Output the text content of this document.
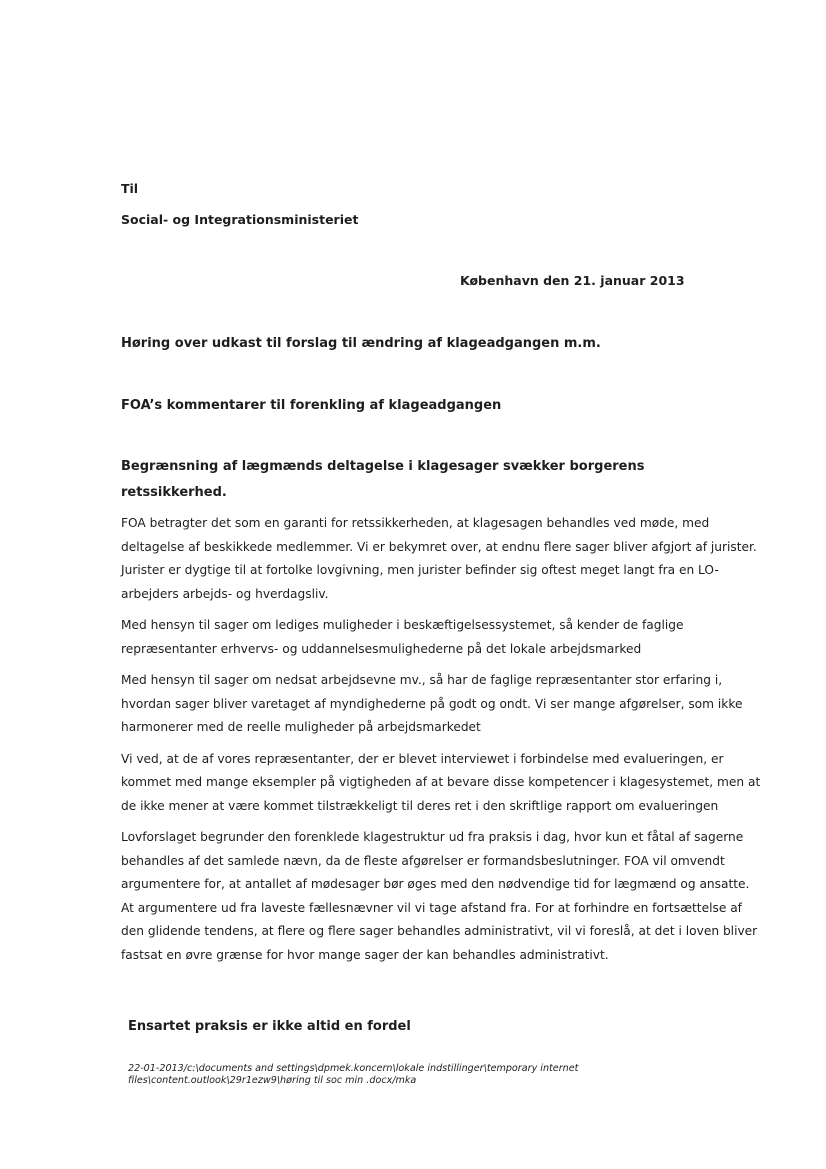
Til
Social- og Integrationsministeriet
København den 21. januar 2013
Høring over udkast til forslag til ændring af klageadgangen m.m.
FOA’s kommentarer til forenkling af klageadgangen
Begrænsning af lægmænds deltagelse i klagesager svækker borgerens
retssikkerhed.

FOA betragter det som en garanti for retssikkerheden, at klagesagen behandles ved møde, med deltagelse af beskikkede medlemmer. Vi er bekymret over, at endnu flere sager bliver afgjort af jurister. Jurister er dygtige til at fortolke lovgivning, men jurister befinder sig oftest meget langt fra en LO-arbejders arbejds- og hverdagsliv.

Med hensyn til sager om lediges muligheder i beskæftigelsessystemet, så kender de faglige repræsentanter erhvervs- og uddannelsesmulighederne på det lokale arbejdsmarked

Med hensyn til sager om nedsat arbejdsevne mv., så har de faglige repræsentanter stor erfaring i, hvordan sager bliver varetaget af myndighederne på godt og ondt. Vi ser mange afgørelser, som ikke harmonerer med de reelle muligheder på arbejdsmarkedet

Vi ved, at de af vores repræsentanter, der er blevet interviewet i forbindelse med evalueringen, er kommet med mange eksempler på vigtigheden af at bevare disse kompetencer i klagesystemet, men at de ikke mener at være kommet tilstrækkeligt til deres ret i den skriftlige rapport om evalueringen

Lovforslaget begrunder den forenklede klagestruktur ud fra praksis i dag, hvor kun et fåtal af sagerne behandles af det samlede nævn, da de fleste afgørelser er formandsbeslutninger. FOA vil omvendt argumentere for, at antallet af mødesager bør øges med den nødvendige tid for lægmænd og ansatte. At argumentere ud fra laveste fællesnævner vil vi tage afstand fra. For at forhindre en fortsættelse af den glidende tendens, at flere og flere sager behandles administrativt, vil vi foreslå, at det i loven bliver fastsat en øvre grænse for hvor mange sager der kan behandles administrativt.

Ensartet praksis er ikke altid en fordel
22-01-2013/c:\documents and settings\dpmek.koncern\lokale indstillinger\temporary internet
files\content.outlook\29r1ezw9\høring til soc min .docx/mka
